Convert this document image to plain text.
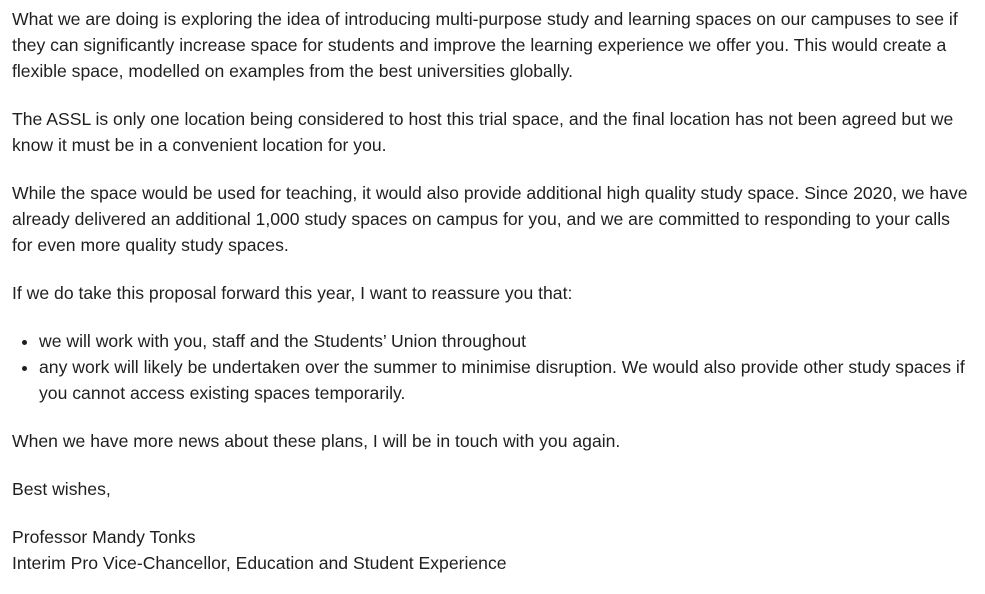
What we are doing is exploring the idea of introducing multi-purpose study and learning spaces on our campuses to see if they can significantly increase space for students and improve the learning experience we offer you. This would create a flexible space, modelled on examples from the best universities globally.

The ASSL is only one location being considered to host this trial space, and the final location has not been agreed but we know it must be in a convenient location for you.

While the space would be used for teaching, it would also provide additional high quality study space. Since 2020, we have already delivered an additional 1,000 study spaces on campus for you, and we are committed to responding to your calls for even more quality study spaces.

If we do take this proposal forward this year, I want to reassure you that:

• we will work with you, staff and the Students’ Union throughout
• any work will likely be undertaken over the summer to minimise disruption. We would also provide other study spaces if you cannot access existing spaces temporarily.

When we have more news about these plans, I will be in touch with you again.

Best wishes,

Professor Mandy Tonks

Interim Pro Vice-Chancellor, Education and Student Experience
